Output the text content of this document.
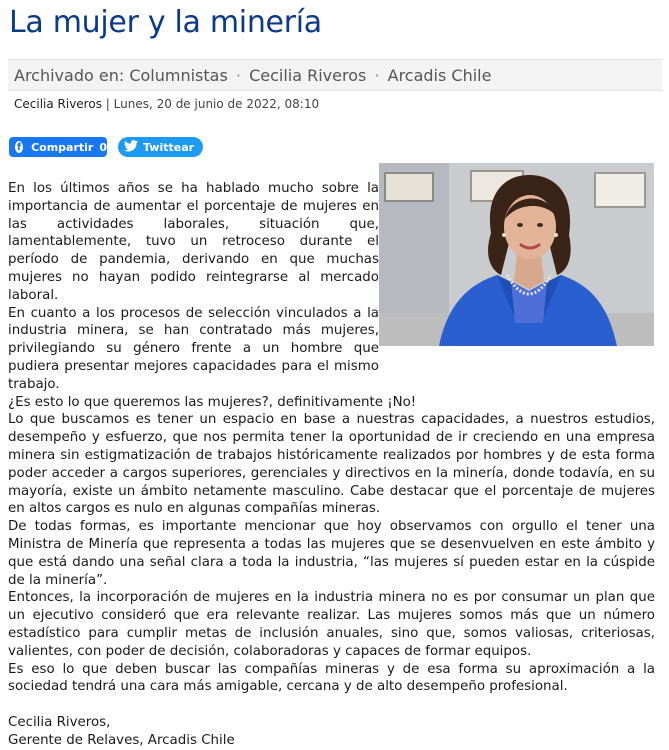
La mujer y la minería
Archivado en: Columnistas · Cecilia Riveros · Arcadis Chile
Cecilia Riveros | Lunes, 20 de junio de 2022, 08:10
f Compartir 0	Twittear

En los últimos años se ha hablado mucho sobre la importancia de aumentar el porcentaje de mujeres en las actividades laborales, situación que, lamentablemente, tuvo un retroceso durante el período de pandemia, derivando en que muchas mujeres no hayan podido reintegrarse al mercado laboral.

En cuanto a los procesos de selección vinculados a la industria minera, se han contratado más mujeres, privilegiando su género frente a un hombre que pudiera presentar mejores capacidades para el mismo trabajo.

¿Es esto lo que queremos las mujeres?, definitivamente ¡No!

Lo que buscamos es tener un espacio en base a nuestras capacidades, a nuestros estudios, desempeño y esfuerzo, que nos permita tener la oportunidad de ir creciendo en una empresa minera sin estigmatización de trabajos históricamente realizados por hombres y de esta forma poder acceder a cargos superiores, gerenciales y directivos en la minería, donde todavía, en su mayoría, existe un ámbito netamente masculino. Cabe destacar que el porcentaje de mujeres en altos cargos es nulo en algunas compañías mineras.

De todas formas, es importante mencionar que hoy observamos con orgullo el tener una Ministra de Minería que representa a todas las mujeres que se desenvuelven en este ámbito y que está dando una señal clara a toda la industria, “las mujeres sí pueden estar en la cúspide de la minería”.

Entonces, la incorporación de mujeres en la industria minera no es por consumar un plan que un ejecutivo consideró que era relevante realizar. Las mujeres somos más que un número estadístico para cumplir metas de inclusión anuales, sino que, somos valiosas, criteriosas, valientes, con poder de decisión, colaboradoras y capaces de formar equipos.

Es eso lo que deben buscar las compañías mineras y de esa forma su aproximación a la sociedad tendrá una cara más amigable, cercana y de alto desempeño profesional.

Cecilia Riveros,

Gerente de Relaves, Arcadis Chile
